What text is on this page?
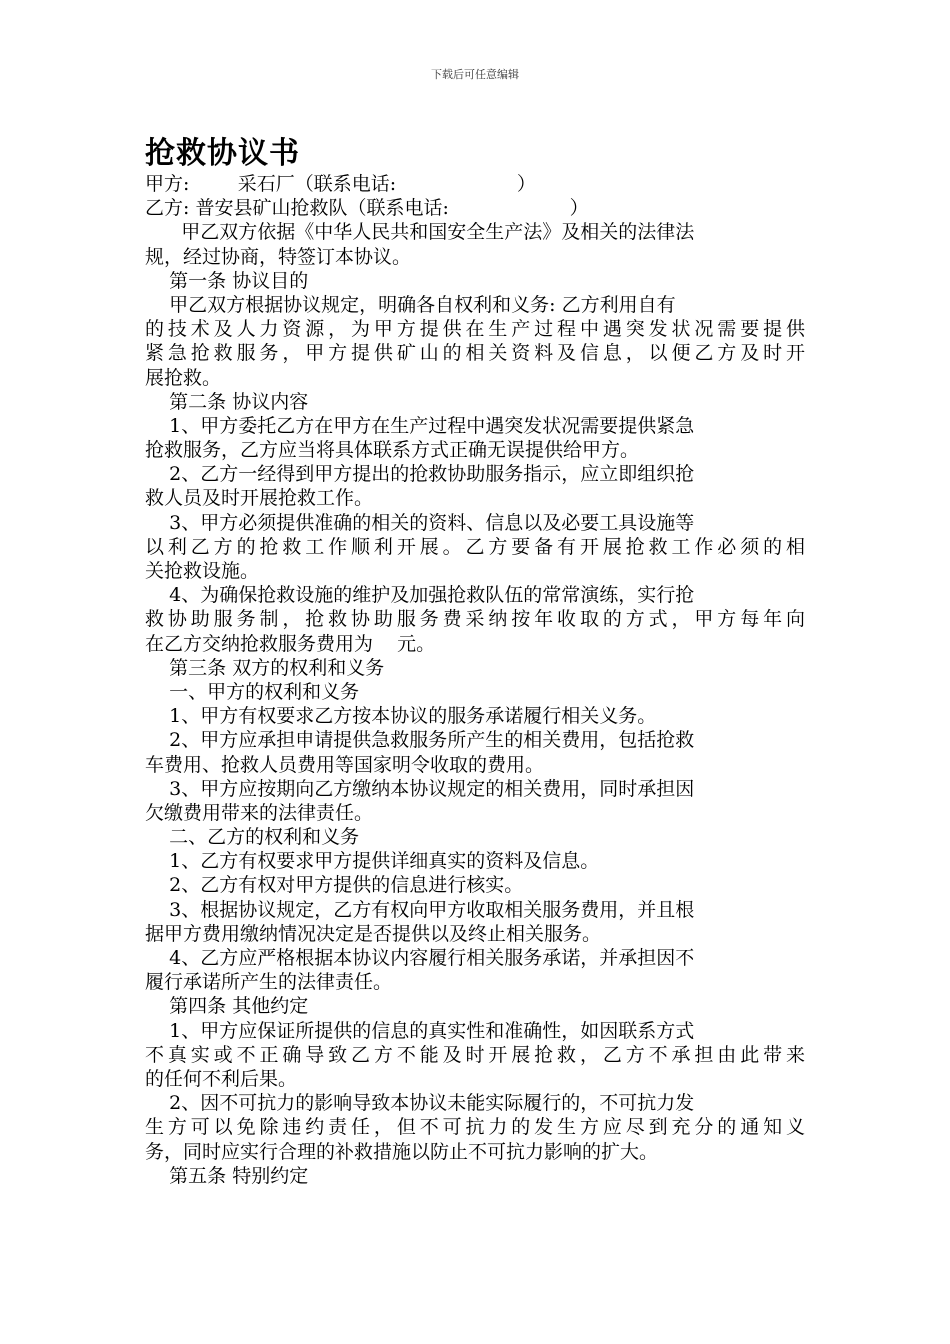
下载后可任意编辑
抢救协议书
甲方:        采石厂（联系电话:                    ）
乙方: 普安县矿山抢救队（联系电话:                    ）
甲乙双方依据《中华人民共和国安全生产法》及相关的法律法
规，经过协商，特签订本协议。
第一条 协议目的
甲乙双方根据协议规定，明确各自权利和义务: 乙方利用自有
的技术及人力资源，为甲方提供在生产过程中遇突发状况需要提供
紧急抢救服务，甲方提供矿山的相关资料及信息，以便乙方及时开
展抢救。
第二条 协议内容
1、甲方委托乙方在甲方在生产过程中遇突发状况需要提供紧急
抢救服务，乙方应当将具体联系方式正确无误提供给甲方。
2、乙方一经得到甲方提出的抢救协助服务指示，应立即组织抢
救人员及时开展抢救工作。
3、甲方必须提供准确的相关的资料、信息以及必要工具设施等
以利乙方的抢救工作顺利开展。乙方要备有开展抢救工作必须的相
关抢救设施。
4、为确保抢救设施的维护及加强抢救队伍的常常演练，实行抢
救协助服务制，抢救协助服务费采纳按年收取的方式，甲方每年向
在乙方交纳抢救服务费用为    元。
第三条 双方的权利和义务
一、甲方的权利和义务
1、甲方有权要求乙方按本协议的服务承诺履行相关义务。
2、甲方应承担申请提供急救服务所产生的相关费用，包括抢救
车费用、抢救人员费用等国家明令收取的费用。
3、甲方应按期向乙方缴纳本协议规定的相关费用，同时承担因
欠缴费用带来的法律责任。
二、乙方的权利和义务
1、乙方有权要求甲方提供详细真实的资料及信息。
2、乙方有权对甲方提供的信息进行核实。
3、根据协议规定，乙方有权向甲方收取相关服务费用，并且根
据甲方费用缴纳情况决定是否提供以及终止相关服务。
4、乙方应严格根据本协议内容履行相关服务承诺，并承担因不
履行承诺所产生的法律责任。
第四条 其他约定
1、甲方应保证所提供的信息的真实性和准确性，如因联系方式
不真实或不正确导致乙方不能及时开展抢救，乙方不承担由此带来
的任何不利后果。
2、因不可抗力的影响导致本协议未能实际履行的，不可抗力发
生方可以免除违约责任，但不可抗力的发生方应尽到充分的通知义
务，同时应实行合理的补救措施以防止不可抗力影响的扩大。
第五条 特别约定
